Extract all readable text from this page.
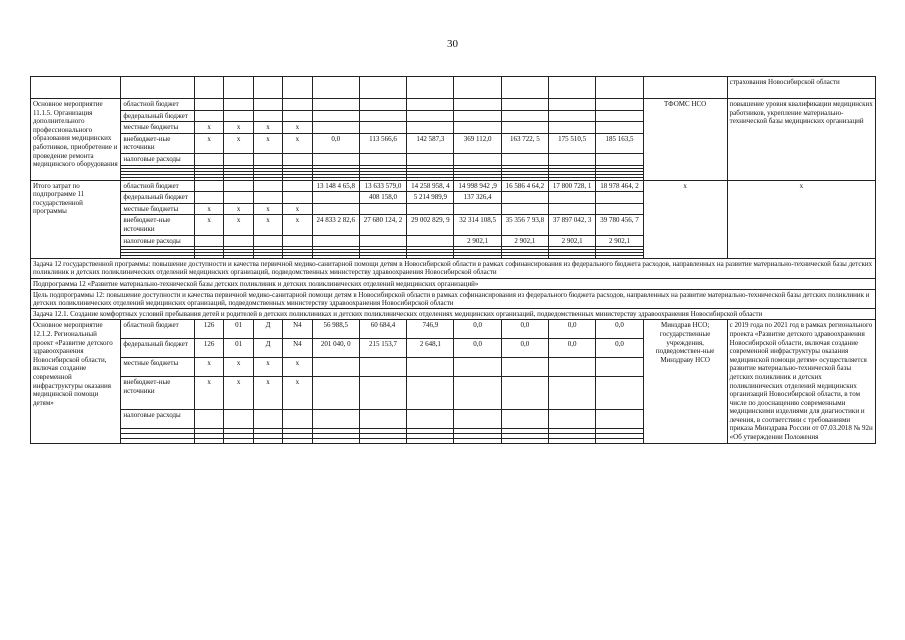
30
														страхования Новосибирской области
Основное мероприятие 11.1.5. Организация дополнительного профессионального образования медицинских работников, приобретение и проведение ремонта медицинского оборудования	областной бюджет												ТФОМС НСО	повышение уровня квалификации медицинских работников, укрепление материально-технической базы медицинских организаций
	федеральный бюджет													
	местные бюджеты	х	х	х	х									
	внебюджет-ные источники	х	х	х	х	0,0	113 566,6	142 587,3	369 112,0	163 722, 5	175 510,5	185 163,5		
	налоговые расходы													

Итого затрат по подпрограмме 11 государственной программы	областной бюджет					13 148 4 65,8	13 633 579,0	14 258 958, 4	14 998 942 ,9	16 586 4 64,2	17 800 728, 1	18 978 464, 2	х	х
	федеральный бюджет						408 158,0	5 214 989,9	137 326,4					
	местные бюджеты	х	х	х	х									
	внебюджет-ные источники	х	х	х	х	24 833 2 82,6	27 680 124, 2	29 002 829, 9	32 314 108,5	35 356 7 93,8	37 897 042, 3	39 780 456, 7		
	налоговые расходы								2 902,1	2 902,1	2 902,1	2 902,1		

Задача 12 государственной программы: повышение доступности и качества первичной медико-санитарной помощи детям в Новосибирской области в рамках софинансирования из федерального бюджета расходов, направленных на развитие материально-технической базы детских поликлиник и детских поликлинических отделений медицинских организаций, подведомственных министерству здравоохранения Новосибирской области														
Подпрограмма 12 «Развитие материально-технической базы детских поликлиник и детских поликлинических отделений медицинских организаций»														
Цель подпрограммы 12: повышение доступности и качества первичной медико-санитарной помощи детям в Новосибирской области в рамках софинансирования из федерального бюджета расходов, направленных на развитие материально-технической базы детских поликлиник и детских поликлинических отделений медицинских организаций, подведомственных министерству здравоохранения Новосибирской области														
Задача 12.1. Создание комфортных условий пребывания детей и родителей в детских поликлиниках и детских поликлинических отделениях медицинских организаций, подведомственных министерству здравоохранения Новосибирской области														
Основное мероприятие 12.1.2. Региональный проект «Развитие детского здравоохранения Новосибирской области, включая создание современной инфраструктуры оказания медицинской помощи детям»	областной бюджет	126	01	Д	N4	56 988,5	60 684,4	746,9	0,0	0,0	0,0	0,0	Минздрав НСО; государственные учреждения, подведомствен-ные Минздраву НСО	с 2019 года по 2021 год в рамках регионального проекта «Развитие детского здравоохранения Новосибирской области, включая создание современной инфраструктуры оказания медицинской помощи детям» осуществляется развитие материально-технической базы детских поликлиник и детских поликлинических отделений медицинских организаций Новосибирской области, в том числе по дооснащению современными медицинскими изделиями для диагностики и лечения, в соответствии с требованиями приказа Минздрава России от 07.03.2018 № 92н «Об утверждении Положения
	федеральный бюджет	126	01	Д	N4	201 040, 0	215 153,7	2 648,1	0,0	0,0	0,0	0,0		
	местные бюджеты	х	х	х	х									
	внебюджет-ные источники	х	х	х	х									
	налоговые расходы													
